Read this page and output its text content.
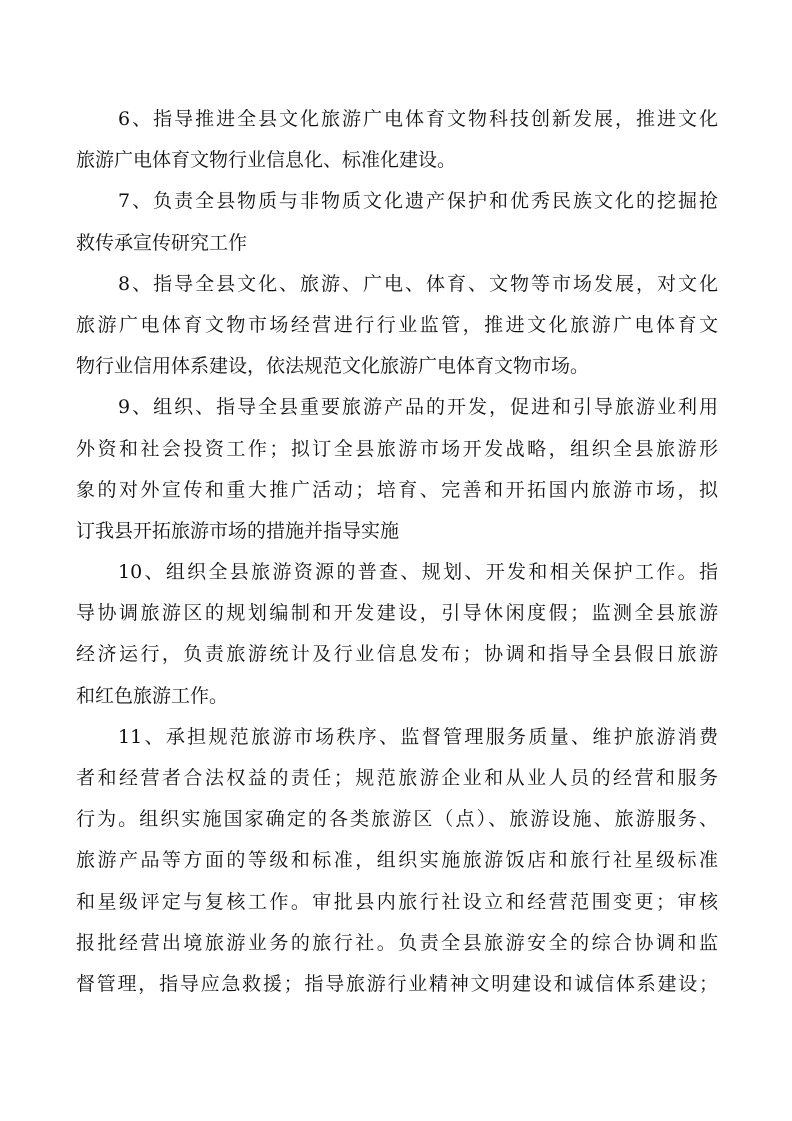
6、指导推进全县文化旅游广电体育文物科技创新发展，推进文化
旅游广电体育文物行业信息化、标准化建设。
7、负责全县物质与非物质文化遗产保护和优秀民族文化的挖掘抢
救传承宣传研究工作
8、指导全县文化、旅游、广电、体育、文物等市场发展，对文化
旅游广电体育文物市场经营进行行业监管，推进文化旅游广电体育文
物行业信用体系建设，依法规范文化旅游广电体育文物市场。
9、组织、指导全县重要旅游产品的开发，促进和引导旅游业利用
外资和社会投资工作；拟订全县旅游市场开发战略，组织全县旅游形
象的对外宣传和重大推广活动；培育、完善和开拓国内旅游市场，拟
订我县开拓旅游市场的措施并指导实施
10、组织全县旅游资源的普查、规划、开发和相关保护工作。指
导协调旅游区的规划编制和开发建设，引导休闲度假；监测全县旅游
经济运行，负责旅游统计及行业信息发布；协调和指导全县假日旅游
和红色旅游工作。
11、承担规范旅游市场秩序、监督管理服务质量、维护旅游消费
者和经营者合法权益的责任；规范旅游企业和从业人员的经营和服务
行为。组织实施国家确定的各类旅游区（点）、旅游设施、旅游服务、
旅游产品等方面的等级和标准，组织实施旅游饭店和旅行社星级标准
和星级评定与复核工作。审批县内旅行社设立和经营范围变更；审核
报批经营出境旅游业务的旅行社。负责全县旅游安全的综合协调和监
督管理，指导应急救援；指导旅游行业精神文明建设和诚信体系建设；
